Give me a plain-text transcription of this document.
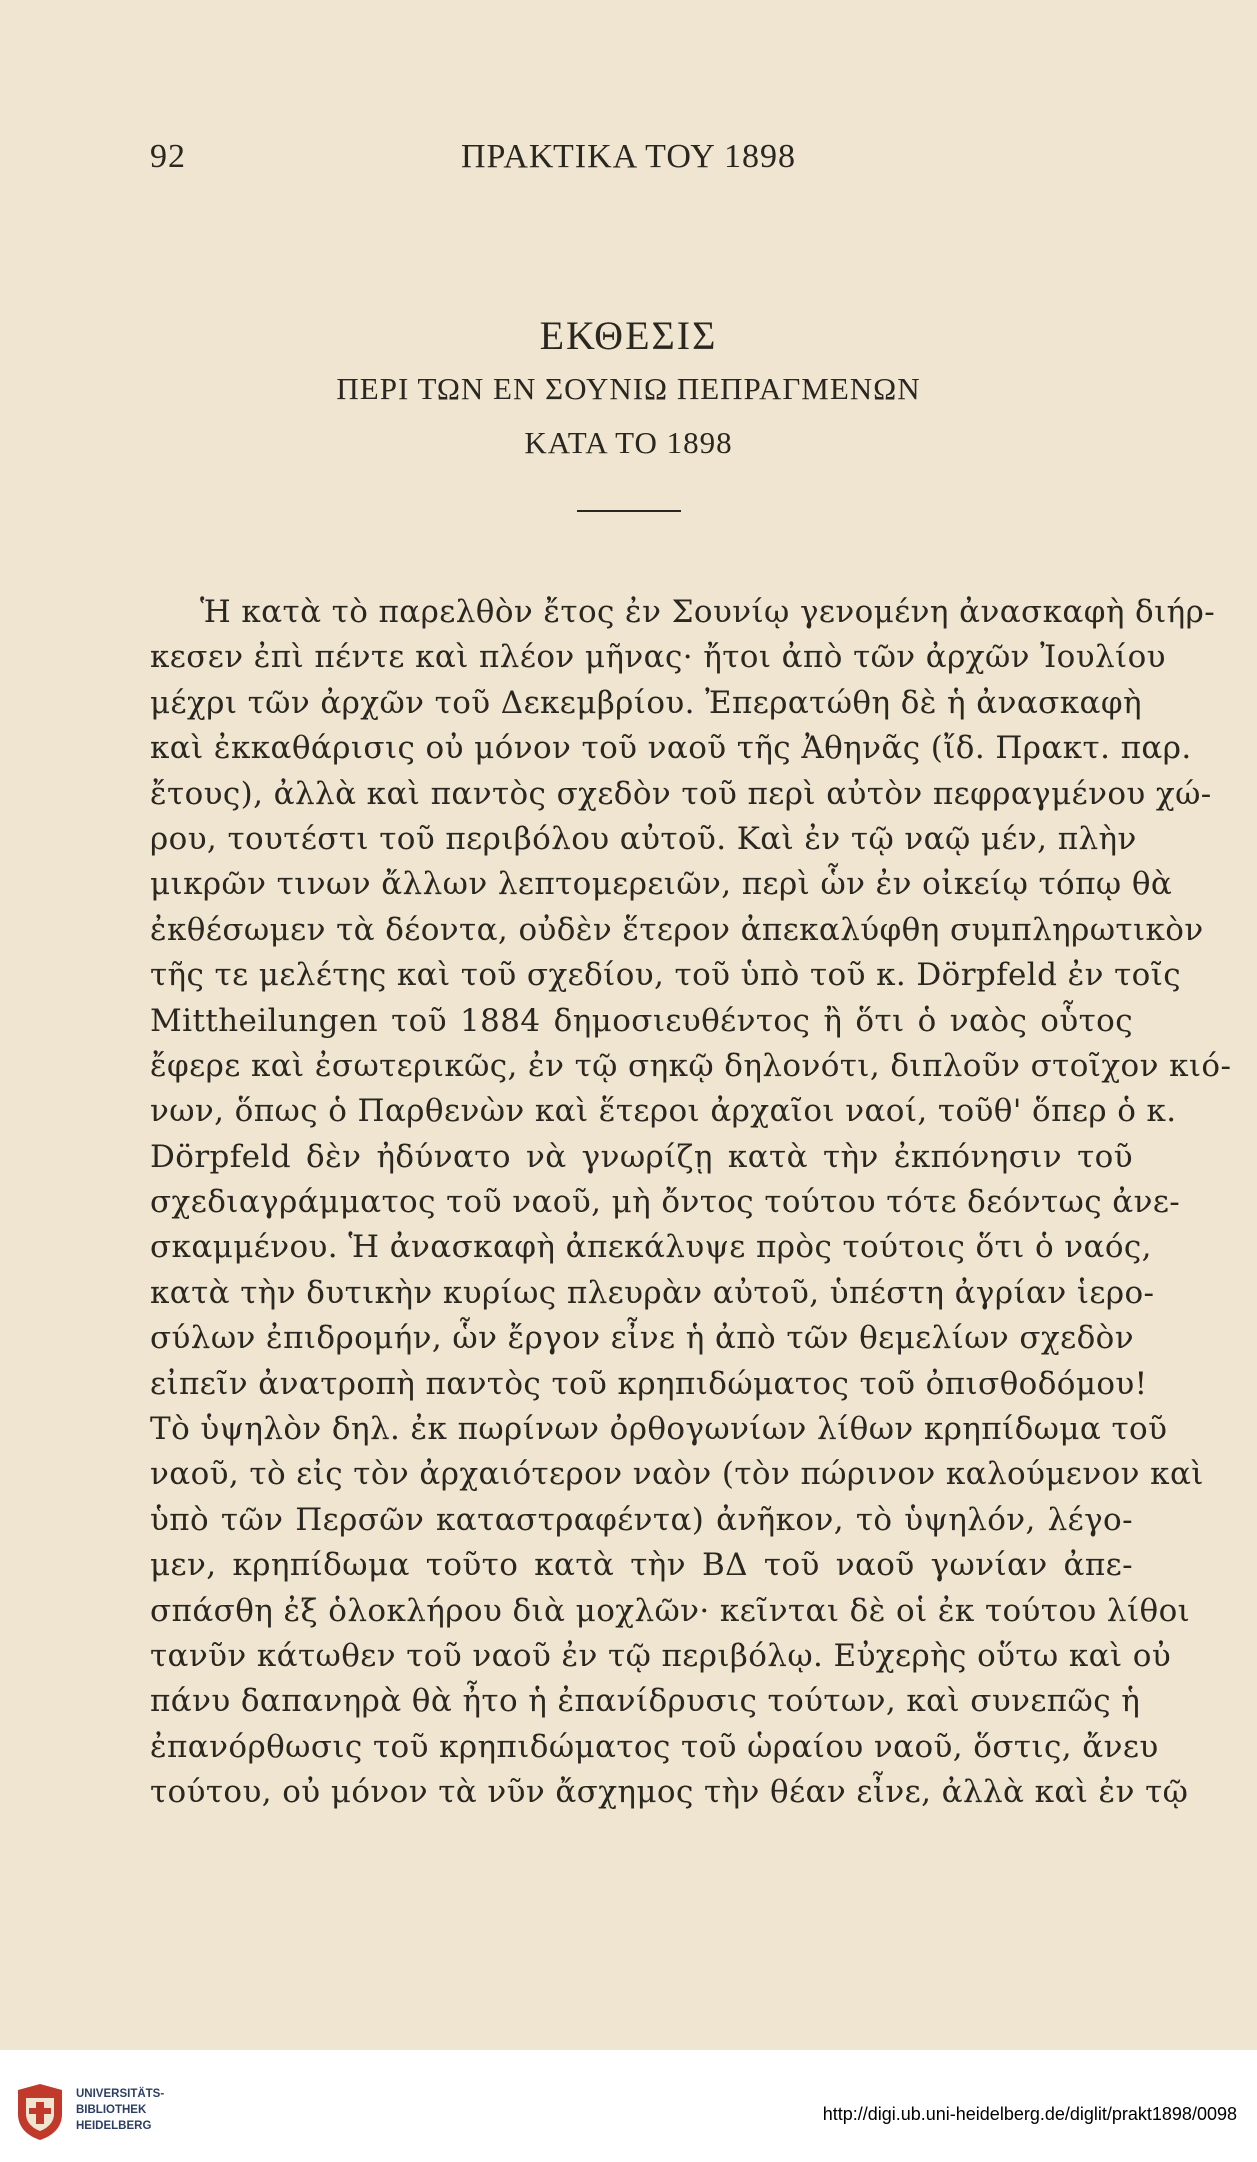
92	ΠΡΑΚΤΙΚΑ ΤΟΥ 1898
ΕΚΘΕΣΙΣ
ΠΕΡΙ ΤΩΝ ΕΝ ΣΟΥΝΙΩ ΠΕΠΡΑΓΜΕΝΩΝ
ΚΑΤΑ ΤΟ 1898
Ἡ κατὰ τὸ παρελθὸν ἔτος ἐν Σουνίῳ γενομένη ἀνασκαφὴ διήρ-
κεσεν ἐπὶ πέντε καὶ πλέον μῆνας· ἤτοι ἀπὸ τῶν ἀρχῶν Ἰουλίου
μέχρι τῶν ἀρχῶν τοῦ Δεκεμβρίου. Ἐπερατώθη δὲ ἡ ἀνασκαφὴ
καὶ ἐκκαθάρισις οὐ μόνον τοῦ ναοῦ τῆς Ἀθηνᾶς (ἴδ. Πρακτ. παρ.
ἔτους), ἀλλὰ καὶ παντὸς σχεδὸν τοῦ περὶ αὐτὸν πεφραγμένου χώ-
ρου, τουτέστι τοῦ περιβόλου αὐτοῦ. Καὶ ἐν τῷ ναῷ μέν, πλὴν
μικρῶν τινων ἄλλων λεπτομερειῶν, περὶ ὧν ἐν οἰκείῳ τόπῳ θὰ
ἐκθέσωμεν τὰ δέοντα, οὐδὲν ἕτερον ἀπεκαλύφθη συμπληρωτικὸν
τῆς τε μελέτης καὶ τοῦ σχεδίου, τοῦ ὑπὸ τοῦ κ. Dörpfeld ἐν τοῖς
Mittheilungen τοῦ 1884 δημοσιευθέντος ἢ ὅτι ὁ ναὸς οὗτος
ἔφερε καὶ ἐσωτερικῶς, ἐν τῷ σηκῷ δηλονότι, διπλοῦν στοῖχον κιό-
νων, ὅπως ὁ Παρθενὼν καὶ ἕτεροι ἀρχαῖοι ναοί, τοῦθ' ὅπερ ὁ κ.
Dörpfeld δὲν ἠδύνατο νὰ γνωρίζῃ κατὰ τὴν ἐκπόνησιν τοῦ
σχεδιαγράμματος τοῦ ναοῦ, μὴ ὄντος τούτου τότε δεόντως ἀνε-
σκαμμένου. Ἡ ἀνασκαφὴ ἀπεκάλυψε πρὸς τούτοις ὅτι ὁ ναός,
κατὰ τὴν δυτικὴν κυρίως πλευρὰν αὐτοῦ, ὑπέστη ἀγρίαν ἱερο-
σύλων ἐπιδρομήν, ὧν ἔργον εἶνε ἡ ἀπὸ τῶν θεμελίων σχεδὸν
εἰπεῖν ἀνατροπὴ παντὸς τοῦ κρηπιδώματος τοῦ ὀπισθοδόμου!
Τὸ ὑψηλὸν δηλ. ἐκ πωρίνων ὀρθογωνίων λίθων κρηπίδωμα τοῦ
ναοῦ, τὸ εἰς τὸν ἀρχαιότερον ναὸν (τὸν πώρινον καλούμενον καὶ
ὑπὸ τῶν Περσῶν καταστραφέντα) ἀνῆκον, τὸ ὑψηλόν, λέγο-
μεν, κρηπίδωμα τοῦτο κατὰ τὴν ΒΔ τοῦ ναοῦ γωνίαν ἀπε-
σπάσθη ἐξ ὁλοκλήρου διὰ μοχλῶν· κεῖνται δὲ οἱ ἐκ τούτου λίθοι
τανῦν κάτωθεν τοῦ ναοῦ ἐν τῷ περιβόλῳ. Εὐχερὴς οὕτω καὶ οὐ
πάνυ δαπανηρὰ θὰ ἦτο ἡ ἐπανίδρυσις τούτων, καὶ συνεπῶς ἡ
ἐπανόρθωσις τοῦ κρηπιδώματος τοῦ ὡραίου ναοῦ, ὅστις, ἄνευ
τούτου, οὐ μόνον τὰ νῦν ἄσχημος τὴν θέαν εἶνε, ἀλλὰ καὶ ἐν τῷ
UNIVERSITÄTS-
BIBLIOTHEK
HEIDELBERG
http://digi.ub.uni-heidelberg.de/diglit/prakt1898/0098
